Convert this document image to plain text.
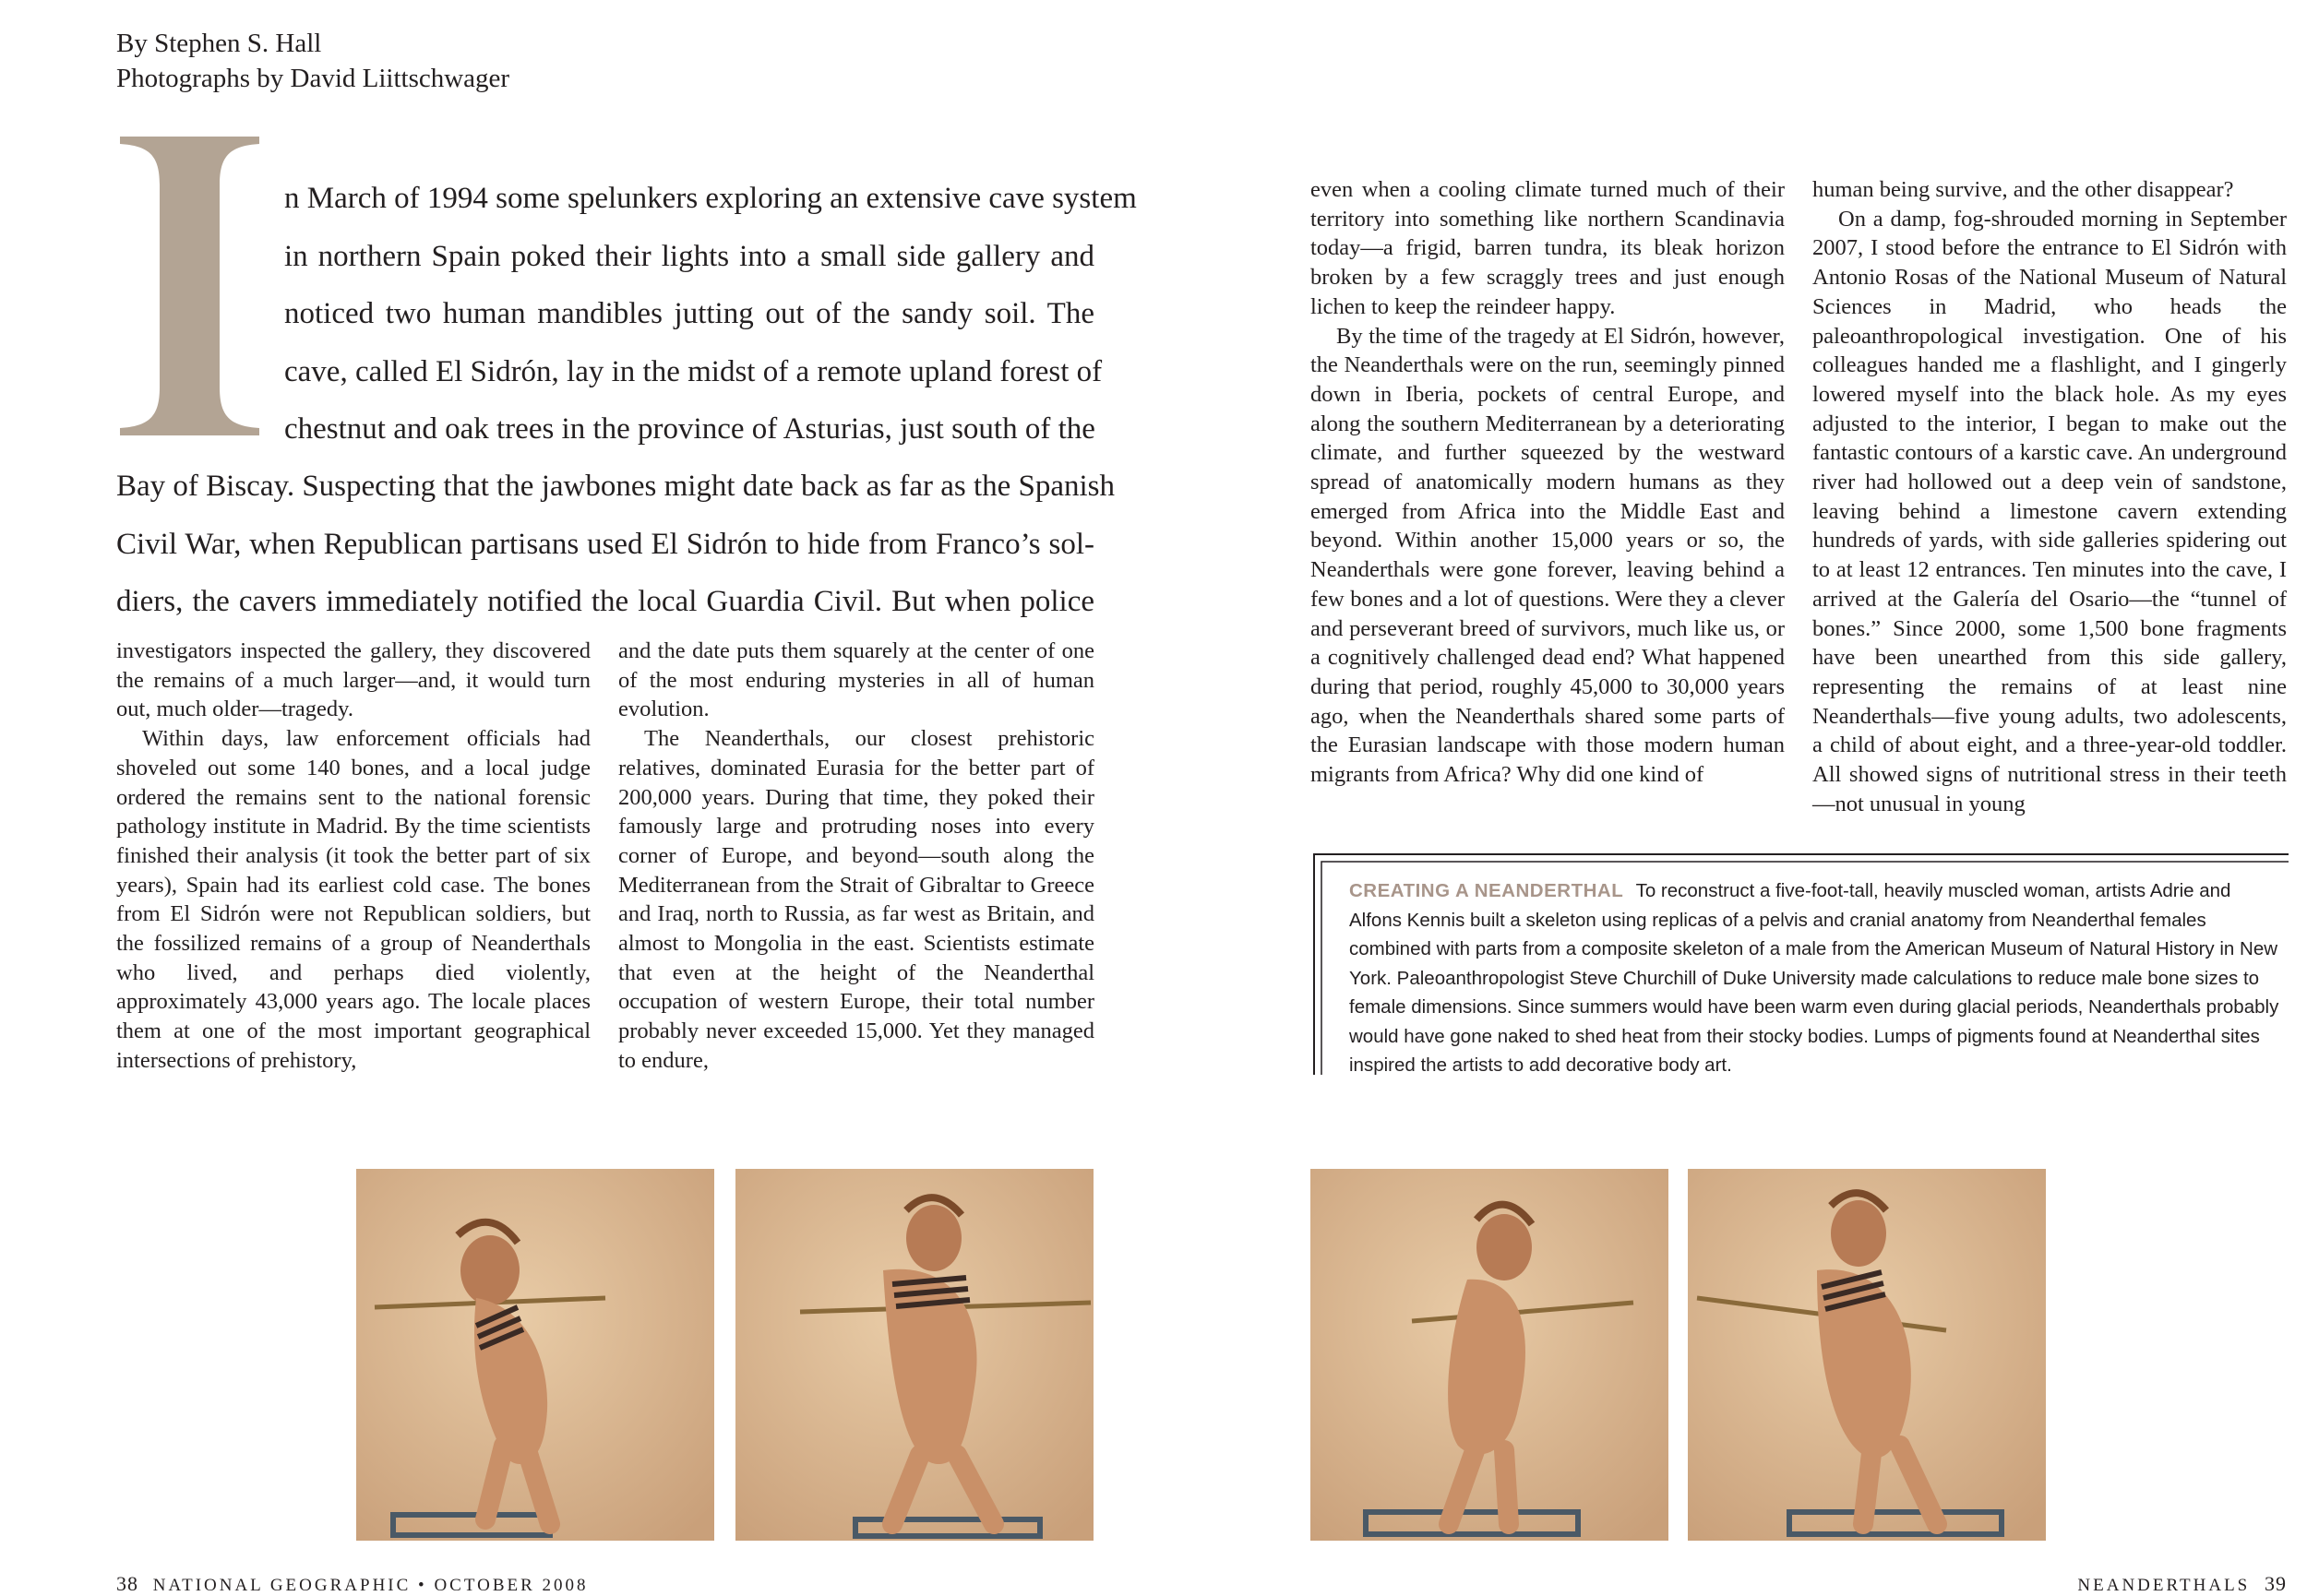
By Stephen S. Hall
Photographs by David Liittschwager
n March of 1994 some spelunkers exploring an extensive cave system
in northern Spain poked their lights into a small side gallery and
noticed two human mandibles jutting out of the sandy soil. The
cave, called El Sidrón, lay in the midst of a remote upland forest of
chestnut and oak trees in the province of Asturias, just south of the
Bay of Biscay. Suspecting that the jawbones might date back as far as the Spanish
Civil War, when Republican partisans used El Sidrón to hide from Franco’s sol-
diers, the cavers immediately notified the local Guardia Civil. But when police

investigators inspected the gallery, they discovered the remains of a much larger—and, it would turn out, much older—tragedy.

Within days, law enforcement officials had shoveled out some 140 bones, and a local judge ordered the remains sent to the national forensic pathology institute in Madrid. By the time scientists finished their analysis (it took the better part of six years), Spain had its earliest cold case. The bones from El Sidrón were not Republican soldiers, but the fossilized remains of a group of Neanderthals who lived, and perhaps died violently, approximately 43,000 years ago. The locale places them at one of the most important geographical intersections of prehistory,

and the date puts them squarely at the center of one of the most enduring mysteries in all of human evolution.

The Neanderthals, our closest prehistoric relatives, dominated Eurasia for the better part of 200,000 years. During that time, they poked their famously large and protruding noses into every corner of Europe, and beyond—south along the Mediterranean from the Strait of Gibraltar to Greece and Iraq, north to Russia, as far west as Britain, and almost to Mongolia in the east. Scientists estimate that even at the height of the Neanderthal occupation of western Europe, their total number probably never exceeded 15,000. Yet they managed to endure,

even when a cooling climate turned much of their territory into something like northern Scandinavia today—a frigid, barren tundra, its bleak horizon broken by a few scraggly trees and just enough lichen to keep the reindeer happy.

By the time of the tragedy at El Sidrón, however, the Neanderthals were on the run, seemingly pinned down in Iberia, pockets of central Europe, and along the southern Mediterranean by a deteriorating climate, and further squeezed by the westward spread of anatomically modern humans as they emerged from Africa into the Middle East and beyond. Within another 15,000 years or so, the Neanderthals were gone forever, leaving behind a few bones and a lot of questions. Were they a clever and perseverant breed of survivors, much like us, or a cognitively challenged dead end? What happened during that period, roughly 45,000 to 30,000 years ago, when the Neanderthals shared some parts of the Eurasian landscape with those modern human migrants from Africa? Why did one kind of

human being survive, and the other disappear?

On a damp, fog-shrouded morning in September 2007, I stood before the entrance to El Sidrón with Antonio Rosas of the National Museum of Natural Sciences in Madrid, who heads the paleoanthropological investigation. One of his colleagues handed me a flashlight, and I gingerly lowered myself into the black hole. As my eyes adjusted to the interior, I began to make out the fantastic contours of a karstic cave. An underground river had hollowed out a deep vein of sandstone, leaving behind a limestone cavern extending hundreds of yards, with side galleries spidering out to at least 12 entrances. Ten minutes into the cave, I arrived at the Galería del Osario—the “tunnel of bones.” Since 2000, some 1,500 bone fragments have been unearthed from this side gallery, representing the remains of at least nine Neanderthals—five young adults, two adolescents, a child of about eight, and a three-year-old toddler. All showed signs of nutritional stress in their teeth—not unusual in young

CREATING A NEANDERTHAL To reconstruct a five-foot-tall, heavily muscled woman, artists Adrie and Alfons Kennis built a skeleton using replicas of a pelvis and cranial anatomy from Neanderthal females combined with parts from a composite skeleton of a male from the American Museum of Natural History in New York. Paleoanthropologist Steve Churchill of Duke University made calculations to reduce male bone sizes to female dimensions. Since summers would have been warm even during glacial periods, Neanderthals probably would have gone naked to shed heat from their stocky bodies. Lumps of pigments found at Neanderthal sites inspired the artists to add decorative body art.
38 NATIONAL GEOGRAPHIC • OCTOBER 2008	NEANDERTHALS 39
